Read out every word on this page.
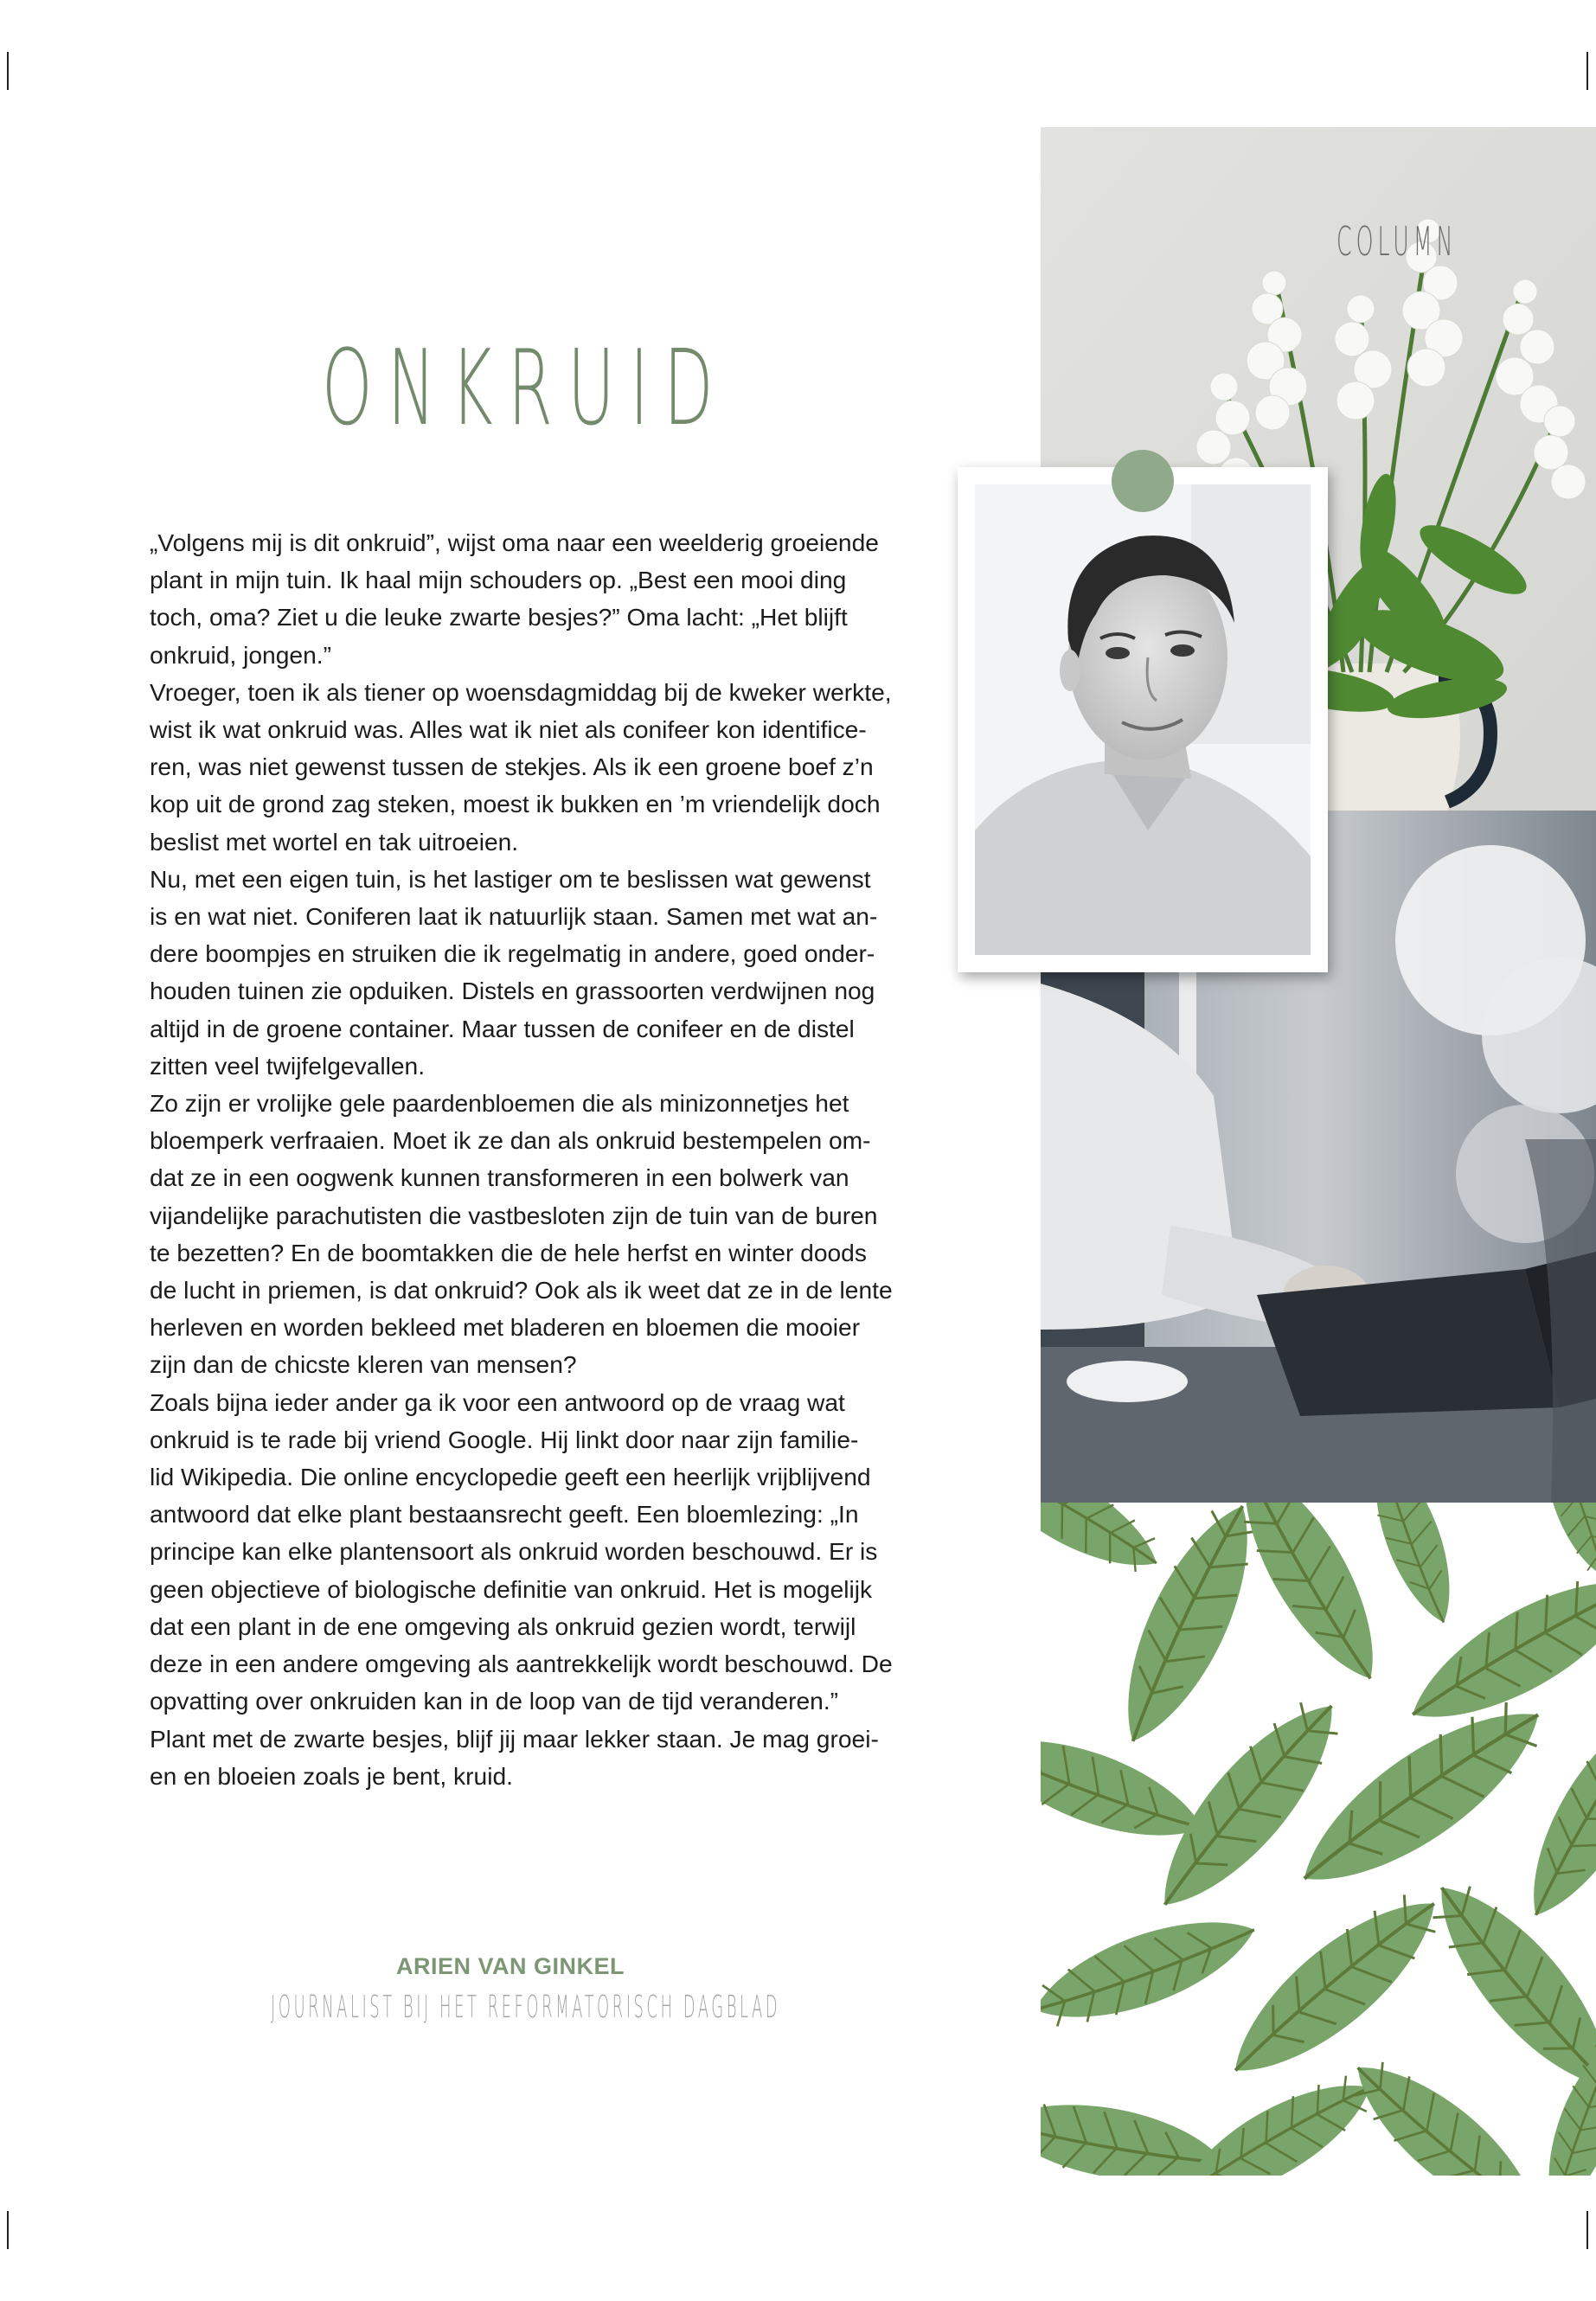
COLUMN
ONKRUID

„Volgens mij is dit onkruid”, wijst oma naar een weelderig groeiende

plant in mijn tuin. Ik haal mijn schouders op. „Best een mooi ding

toch, oma? Ziet u die leuke zwarte besjes?” Oma lacht: „Het blijft

onkruid, jongen.”

Vroeger, toen ik als tiener op woensdagmiddag bij de kweker werkte,

wist ik wat onkruid was. Alles wat ik niet als conifeer kon identifice-

ren, was niet gewenst tussen de stekjes. Als ik een groene boef z’n

kop uit de grond zag steken, moest ik bukken en ’m vriendelijk doch

beslist met wortel en tak uitroeien.

Nu, met een eigen tuin, is het lastiger om te beslissen wat gewenst

is en wat niet. Coniferen laat ik natuurlijk staan. Samen met wat an-

dere boompjes en struiken die ik regelmatig in andere, goed onder-

houden tuinen zie opduiken. Distels en grassoorten verdwijnen nog

altijd in de groene container. Maar tussen de conifeer en de distel

zitten veel twijfelgevallen.

Zo zijn er vrolijke gele paardenbloemen die als minizonnetjes het

bloemperk verfraaien. Moet ik ze dan als onkruid bestempelen om-

dat ze in een oogwenk kunnen transformeren in een bolwerk van

vijandelijke parachutisten die vastbesloten zijn de tuin van de buren

te bezetten? En de boomtakken die de hele herfst en winter doods

de lucht in priemen, is dat onkruid? Ook als ik weet dat ze in de lente

herleven en worden bekleed met bladeren en bloemen die mooier

zijn dan de chicste kleren van mensen?

Zoals bijna ieder ander ga ik voor een antwoord op de vraag wat

onkruid is te rade bij vriend Google. Hij linkt door naar zijn familie-

lid Wikipedia. Die online encyclopedie geeft een heerlijk vrijblijvend

antwoord dat elke plant bestaansrecht geeft. Een bloemlezing: „In

principe kan elke plantensoort als onkruid worden beschouwd. Er is

geen objectieve of biologische definitie van onkruid. Het is mogelijk

dat een plant in de ene omgeving als onkruid gezien wordt, terwijl

deze in een andere omgeving als aantrekkelijk wordt beschouwd. De

opvatting over onkruiden kan in de loop van de tijd veranderen.”

Plant met de zwarte besjes, blijf jij maar lekker staan. Je mag groei-

en en bloeien zoals je bent, kruid.

ARIEN VAN GINKEL
JOURNALIST BIJ HET REFORMATORISCH DAGBLAD
